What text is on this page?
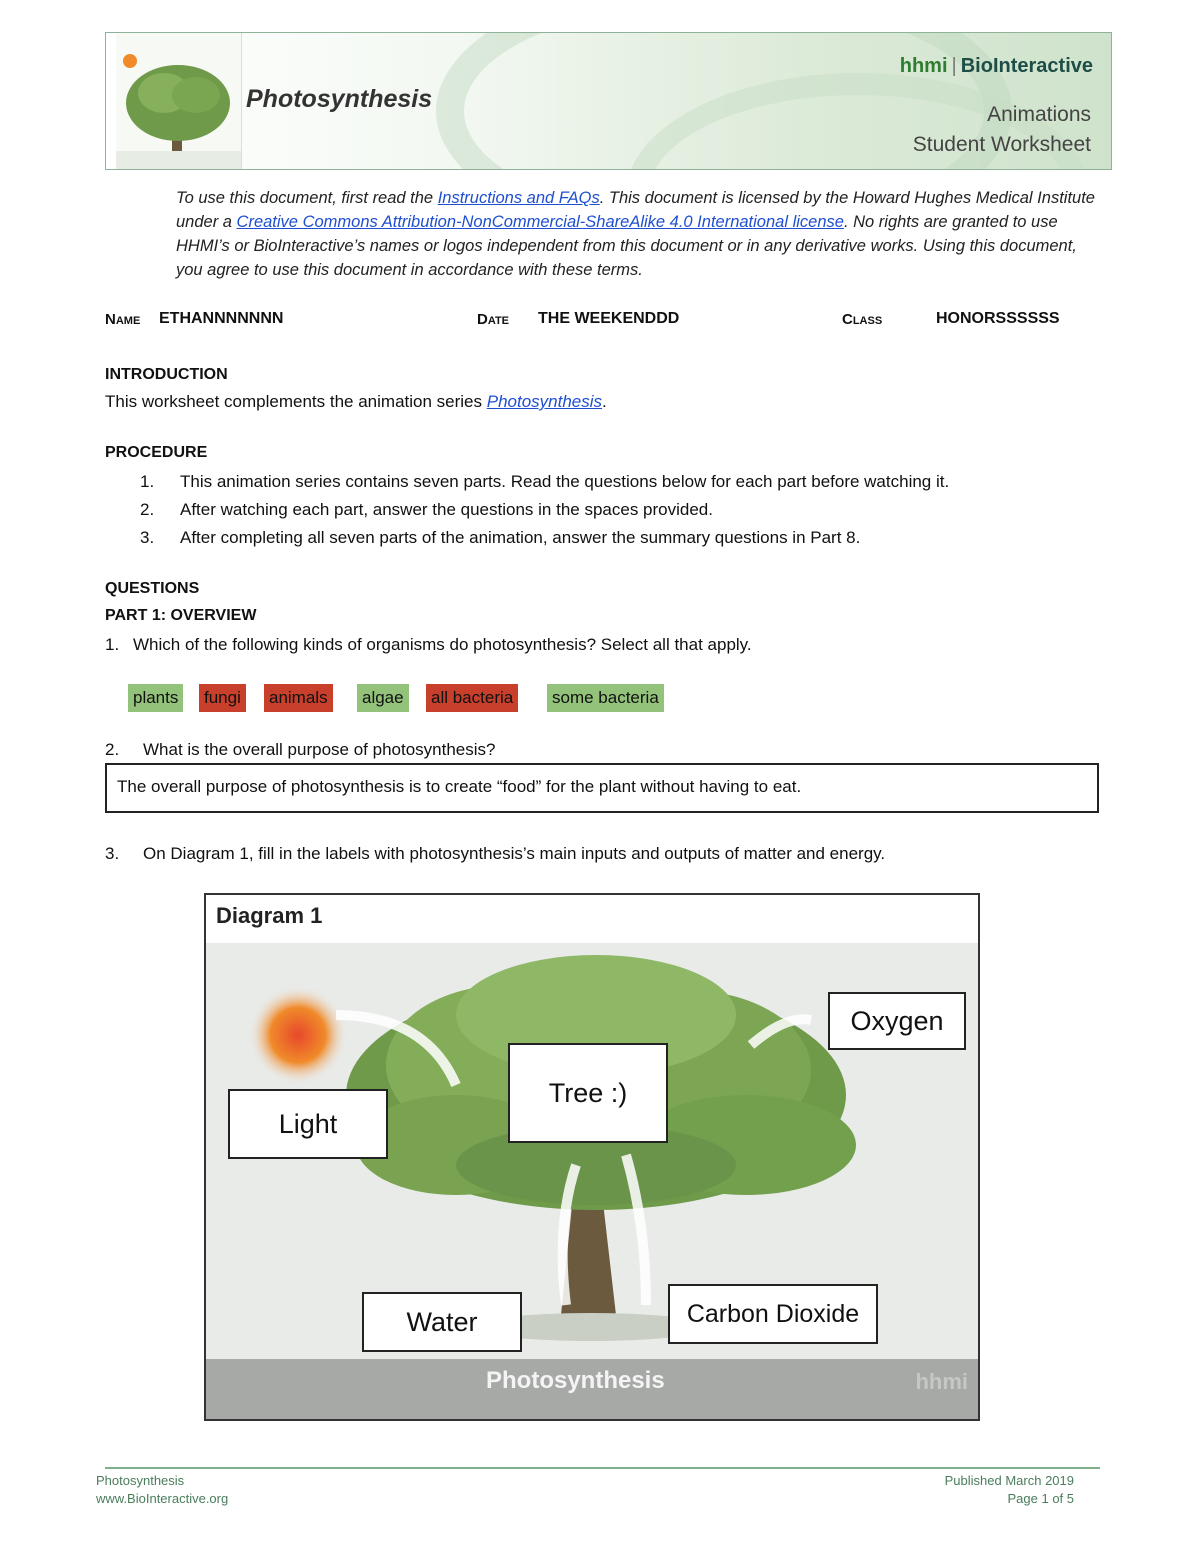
Photosynthesis
hhmi | BioInteractive
Animations
Student Worksheet
To use this document, first read the Instructions and FAQs. This document is licensed by the Howard Hughes Medical Institute under a Creative Commons Attribution-NonCommercial-ShareAlike 4.0 International license. No rights are granted to use HHMI’s or BioInteractive’s names or logos independent from this document or in any derivative works. Using this document, you agree to use this document in accordance with these terms.
Name ETHANNNNNNN	Date THE WEEKENDDD	Class	HONORSSSSSS
INTRODUCTION
This worksheet complements the animation series Photosynthesis.
PROCEDURE
1. This animation series contains seven parts. Read the questions below for each part before watching it.
2. After watching each part, answer the questions in the spaces provided.
3. After completing all seven parts of the animation, answer the summary questions in Part 8.
QUESTIONS
PART 1: OVERVIEW
1. Which of the following kinds of organisms do photosynthesis? Select all that apply.
plants fungi animals algae all bacteria some bacteria
2. What is the overall purpose of photosynthesis?
The overall purpose of photosynthesis is to create “food” for the plant without having to eat.
3. On Diagram 1, fill in the labels with photosynthesis’s main inputs and outputs of matter and energy.
Diagram 1
Light
Tree :)
Oxygen
Water	Carbon Dioxide
Photosynthesis	hhmi
Photosynthesis
www.BioInteractive.org
Published March 2019
Page 1 of 5
